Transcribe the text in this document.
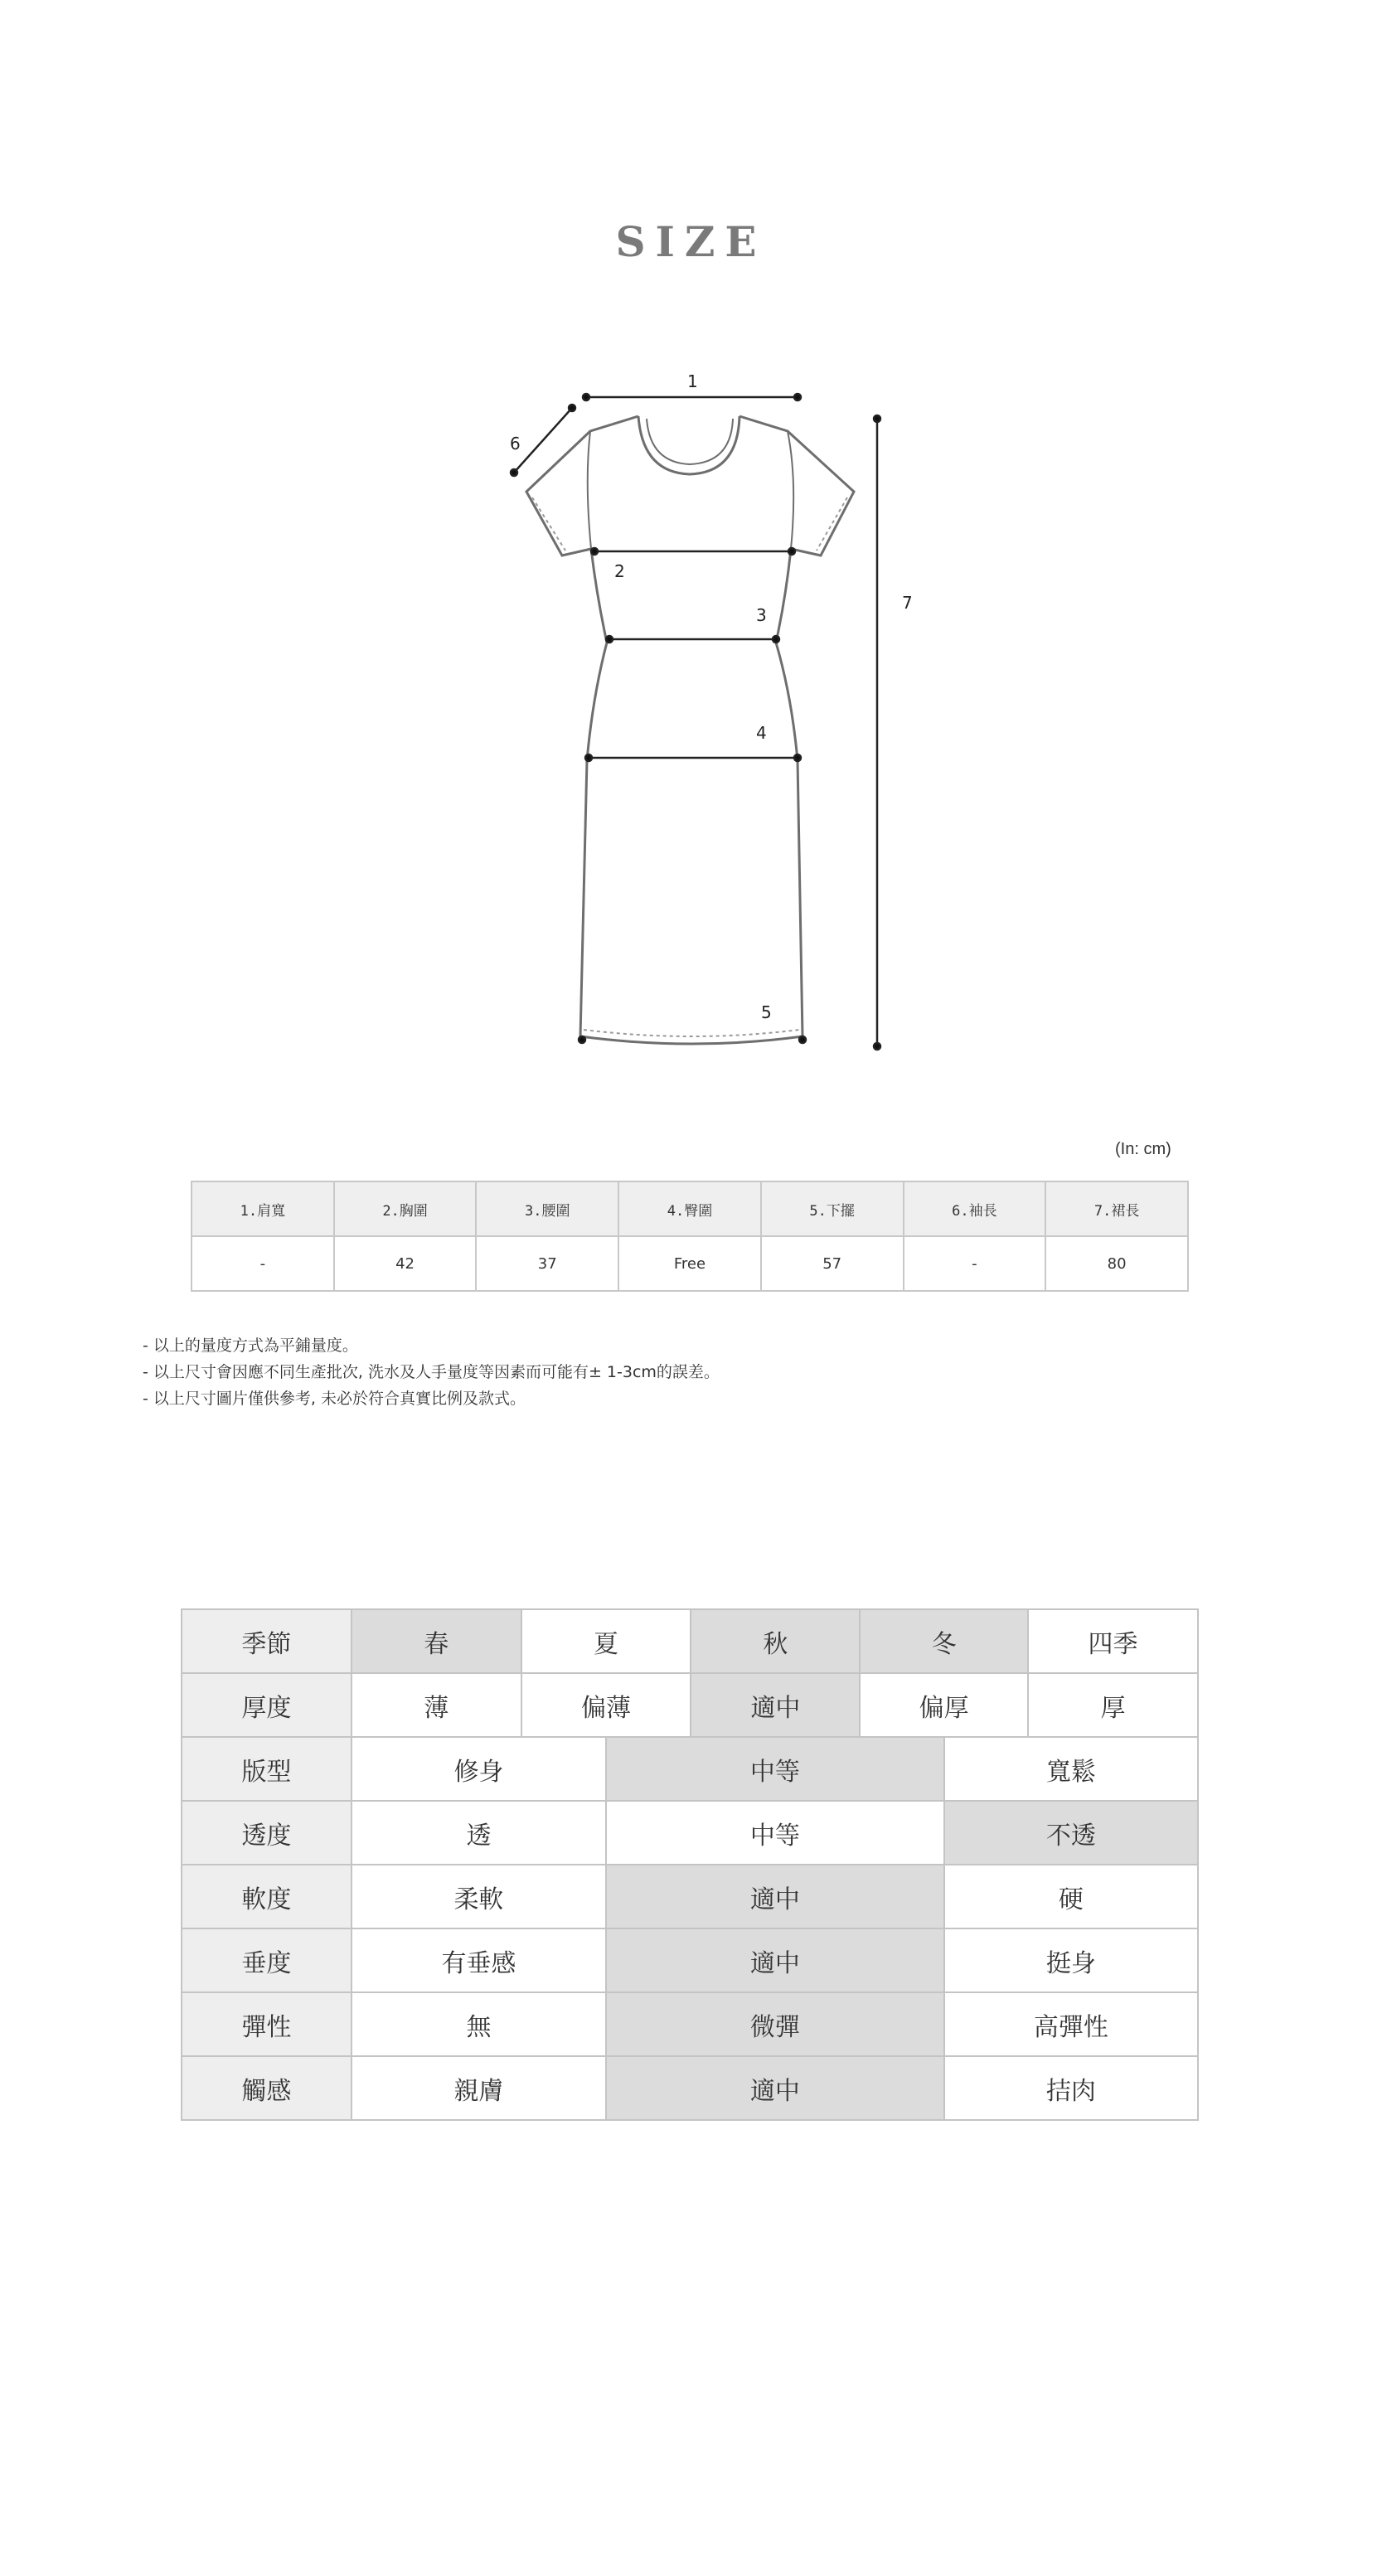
SIZE
1
2
3
4
5
6
7
(In: cm)
1.肩寬	2.胸圍	3.腰圍	4.臀圍	5.下擺	6.袖長	7.裙長
-	42	37	Free	57	-	80
- 以上的量度方式為平鋪量度。
- 以上尺寸會因應不同生產批次, 洗水及人手量度等因素而可能有± 1-3cm的誤差。
- 以上尺寸圖片僅供參考, 未必於符合真實比例及款式。
季節	春	夏		秋	冬		四季
厚度	薄	偏薄		適中	偏厚		厚
版型	修身		中等			寬鬆	
透度	透		中等			不透	
軟度	柔軟		適中			硬	
垂度	有垂感		適中			挺身	
彈性	無		微彈			高彈性	
觸感	親膚		適中			拮肉	
